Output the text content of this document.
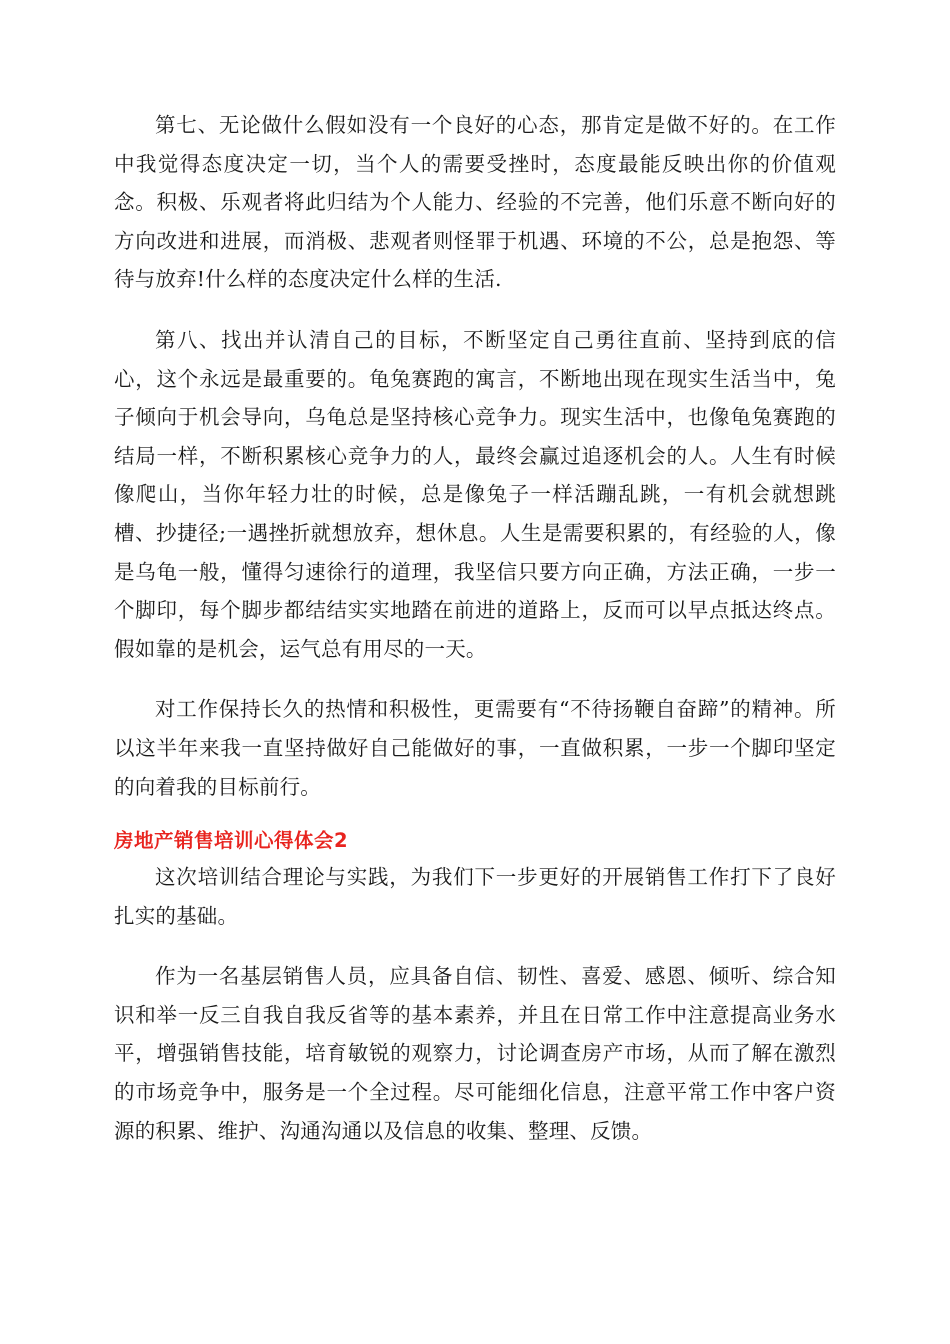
第七、无论做什么假如没有一个良好的心态，那肯定是做不好的。在工作中我觉得态度决定一切，当个人的需要受挫时，态度最能反映出你的价值观念。积极、乐观者将此归结为个人能力、经验的不完善，他们乐意不断向好的方向改进和进展，而消极、悲观者则怪罪于机遇、环境的不公，总是抱怨、等待与放弃!什么样的态度决定什么样的生活.

第八、找出并认清自己的目标，不断坚定自己勇往直前、坚持到底的信心，这个永远是最重要的。龟兔赛跑的寓言，不断地出现在现实生活当中，兔子倾向于机会导向，乌龟总是坚持核心竞争力。现实生活中，也像龟兔赛跑的结局一样，不断积累核心竞争力的人，最终会赢过追逐机会的人。人生有时候像爬山，当你年轻力壮的时候，总是像兔子一样活蹦乱跳，一有机会就想跳槽、抄捷径;一遇挫折就想放弃，想休息。人生是需要积累的，有经验的人，像是乌龟一般，懂得匀速徐行的道理，我坚信只要方向正确，方法正确，一步一个脚印，每个脚步都结结实实地踏在前进的道路上，反而可以早点抵达终点。假如靠的是机会，运气总有用尽的一天。

对工作保持长久的热情和积极性，更需要有“不待扬鞭自奋蹄”的精神。所以这半年来我一直坚持做好自己能做好的事，一直做积累，一步一个脚印坚定的向着我的目标前行。

房地产销售培训心得体会2

这次培训结合理论与实践，为我们下一步更好的开展销售工作打下了良好扎实的基础。

作为一名基层销售人员，应具备自信、韧性、喜爱、感恩、倾听、综合知识和举一反三自我自我反省等的基本素养，并且在日常工作中注意提高业务水平，增强销售技能，培育敏锐的观察力，讨论调查房产市场，从而了解在激烈的市场竞争中，服务是一个全过程。尽可能细化信息，注意平常工作中客户资源的积累、维护、沟通沟通以及信息的收集、整理、反馈。
